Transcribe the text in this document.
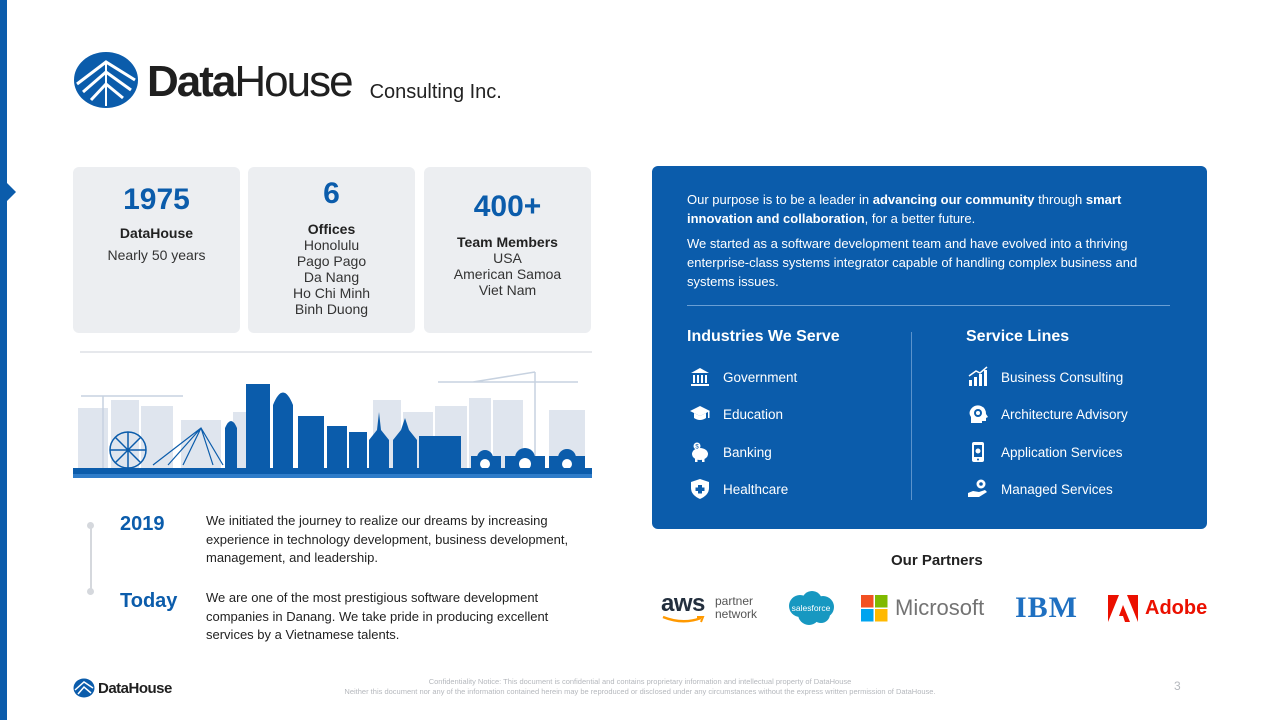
DataHouse Consulting Inc.
1975
DataHouse
Nearly 50 years
6
Offices
Honolulu
Pago Pago
Da Nang
Ho Chi Minh
Binh Duong
400+
Team Members
USA
American Samoa
Viet Nam
2019	We initiated the journey to realize our dreams by increasing experience in technology development, business development, management, and leadership.
Today We are one of the most prestigious software development companies in Danang. We take pride in producing excellent services by a Vietnamese talents.
Our purpose is to be a leader in advancing our community through smart innovation and collaboration, for a better future.
We started as a software development team and have evolved into a thriving enterprise-class systems integrator capable of handling complex business and systems issues.
Industries We Serve	Service Lines
Government
Education
$ Banking
Healthcare
Business Consulting
Architecture Advisory
Application Services
Managed Services
Our Partners
aws partner
network	salesforce	Microsoft IBM	Adobe
DataHouse	Confidentiality Notice: This document is confidential and contains proprietary information and intellectual property of DataHouse
Neither this document nor any of the information contained herein may be reproduced or disclosed under any circumstances without the express written permission of DataHouse.	3
